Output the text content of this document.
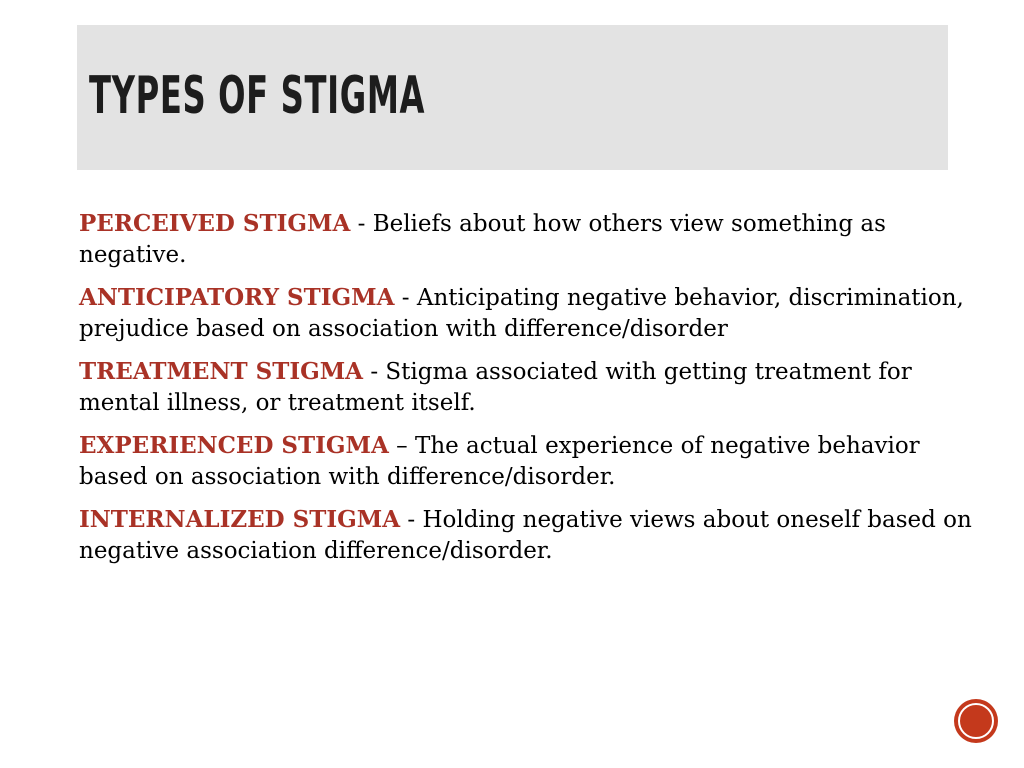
TYPES OF STIGMA

PERCEIVED STIGMA - Beliefs about how others view something as negative.

ANTICIPATORY STIGMA - Anticipating negative behavior, discrimination, prejudice based on association with difference/disorder

TREATMENT STIGMA - Stigma associated with getting treatment for mental illness, or treatment itself.

EXPERIENCED STIGMA – The actual experience of negative behavior based on association with difference/disorder.

INTERNALIZED STIGMA - Holding negative views about oneself based on negative association difference/disorder.
